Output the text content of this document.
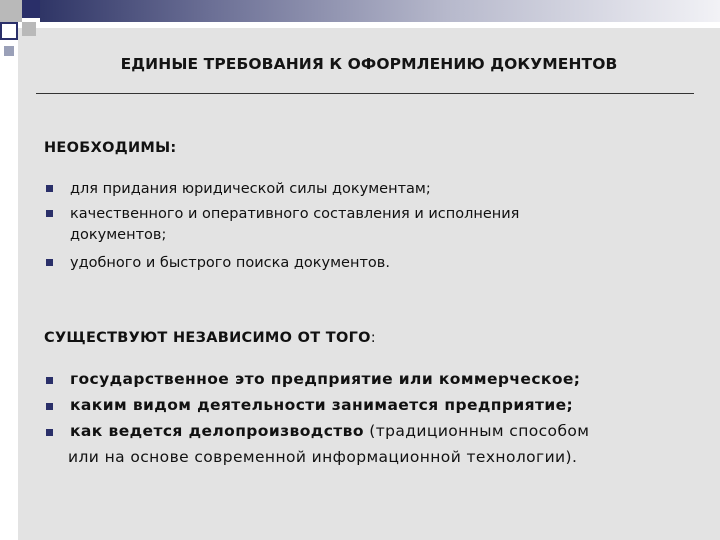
ЕДИНЫЕ ТРЕБОВАНИЯ К ОФОРМЛЕНИЮ ДОКУМЕНТОВ
НЕОБХОДИМЫ:
для придания юридической силы документам;
качественного и оперативного составления и исполнения
документов;
удобного и быстрого поиска документов.
СУЩЕСТВУЮТ НЕЗАВИСИМО ОТ ТОГО:
государственное это предприятие или коммерческое;
каким видом деятельности занимается предприятие;
как ведется делопроизводство (традиционным способом
или на основе современной информационной технологии).
